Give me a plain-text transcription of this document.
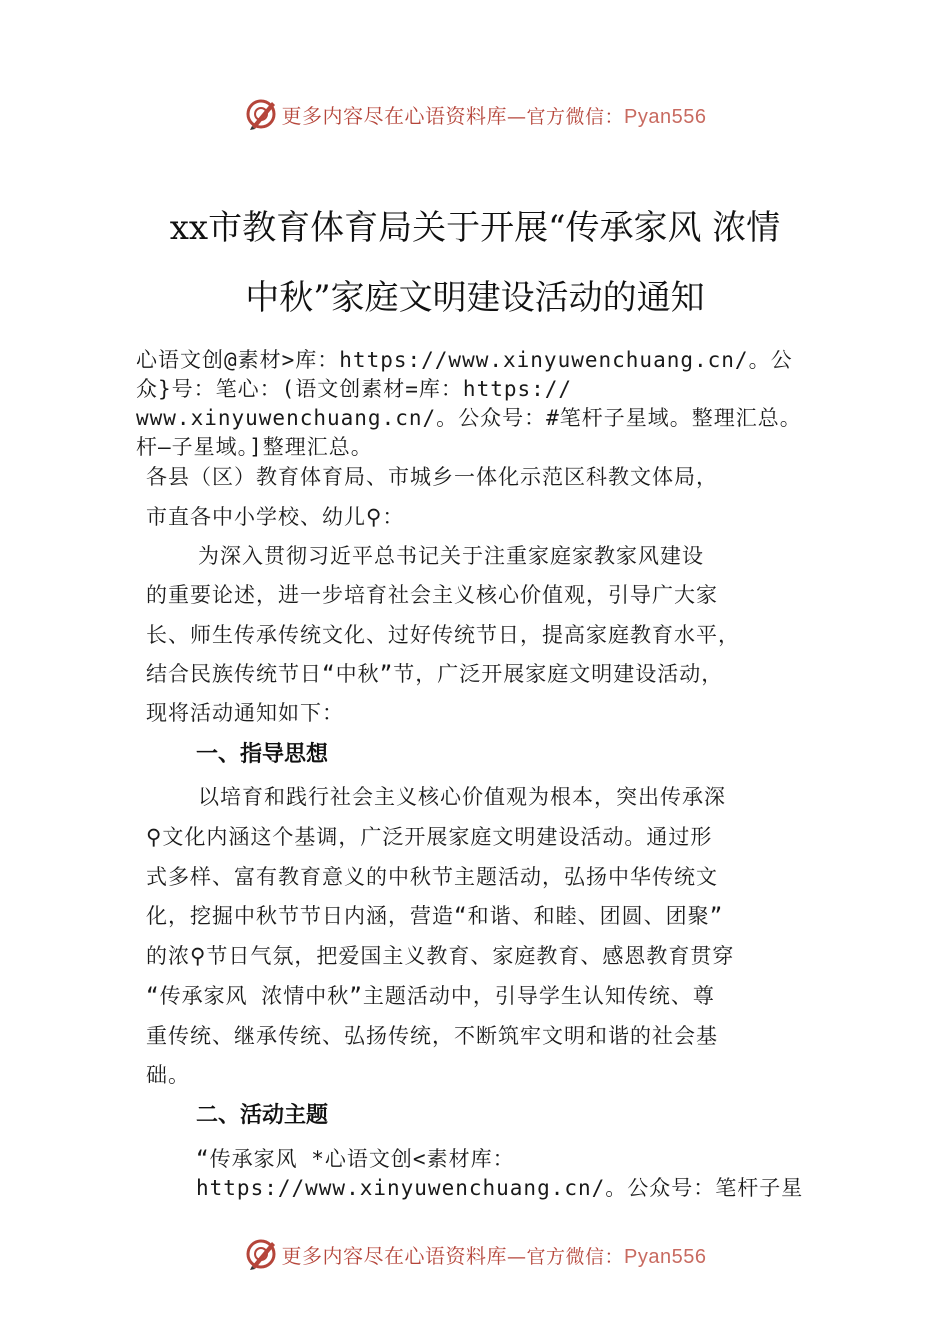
更多内容尽在心语资料库—官方微信：Pyan556
xx市教育体育局关于开展“传承家风 浓情
中秋”家庭文明建设活动的通知
心语文创@素材>库：https://www.xinyuwenchuang.cn/。公
众}号：笔心：(语文创素材=库：https://
www.xinyuwenchuang.cn/。公众号：#笔杆子星域。整理汇总。
杆—子星域。]整理汇总。
各县（区）教育体育局、市城乡一体化示范区科教文体局，
市直各中小学校、幼儿⚲：
为深入贯彻习近平总书记关于注重家庭家教家风建设
的重要论述，进一步培育社会主义核心价值观，引导广大家
长、师生传承传统文化、过好传统节日，提高家庭教育水平，
结合民族传统节日“中秋”节，广泛开展家庭文明建设活动，
现将活动通知如下：
一、指导思想
以培育和践行社会主义核心价值观为根本，突出传承深
⚲文化内涵这个基调，广泛开展家庭文明建设活动。通过形
式多样、富有教育意义的中秋节主题活动，弘扬中华传统文
化，挖掘中秋节节日内涵，营造“和谐、和睦、团圆、团聚”
的浓⚲节日气氛，把爱国主义教育、家庭教育、感恩教育贯穿
“传承家风 浓情中秋”主题活动中，引导学生认知传统、尊
重传统、继承传统、弘扬传统，不断筑牢文明和谐的社会基
础。
二、活动主题
“传承家风 *心语文创<素材库：
https://www.xinyuwenchuang.cn/。公众号：笔杆子星
更多内容尽在心语资料库—官方微信：Pyan556
